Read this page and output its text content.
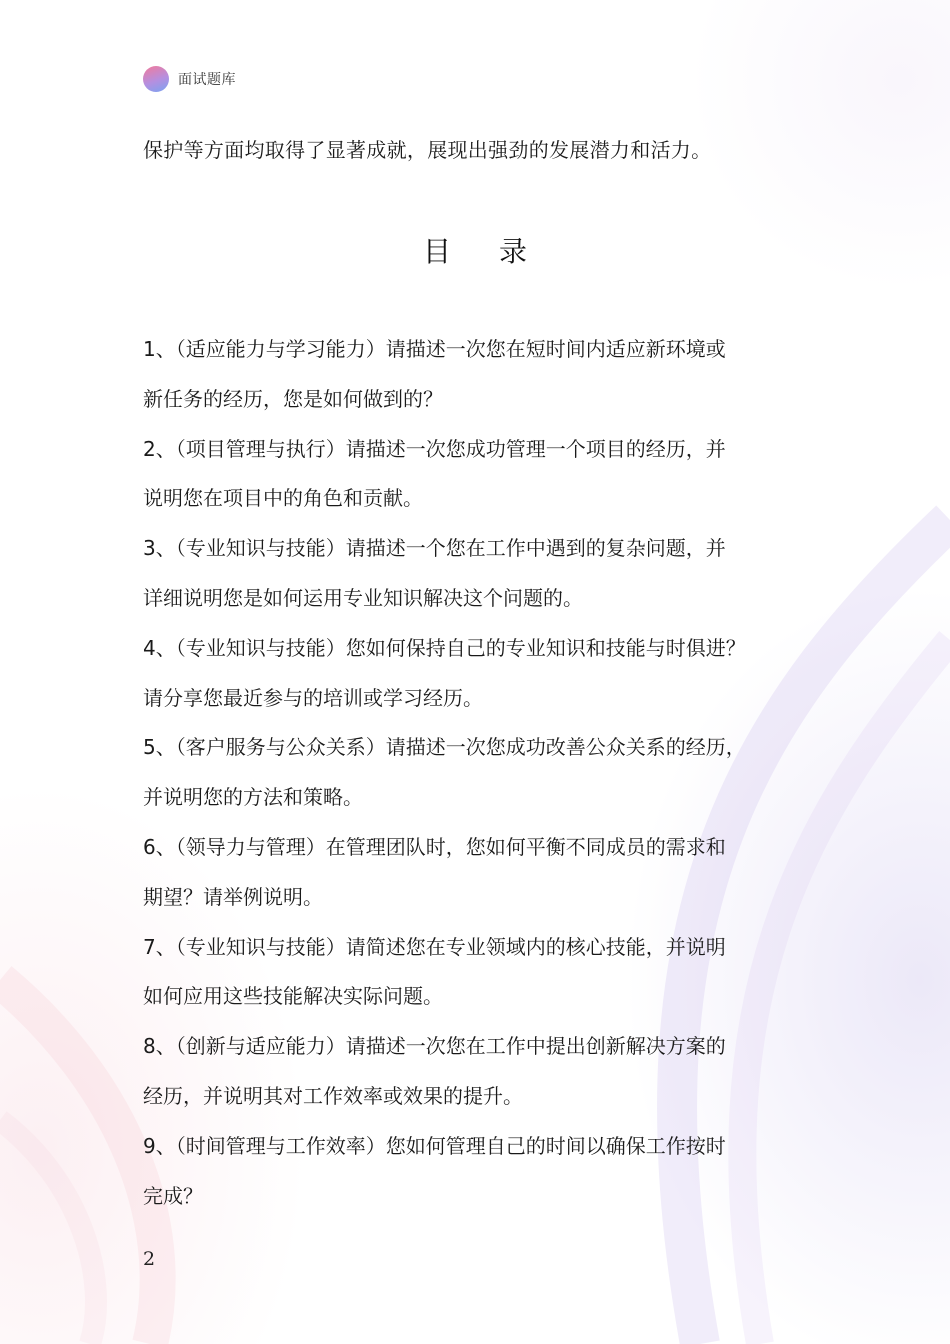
面试题库
保护等方面均取得了显著成就，展现出强劲的发展潜力和活力。
目 录
1、（适应能力与学习能力）请描述一次您在短时间内适应新环境或
新任务的经历，您是如何做到的？
2、（项目管理与执行）请描述一次您成功管理一个项目的经历，并
说明您在项目中的角色和贡献。
3、（专业知识与技能）请描述一个您在工作中遇到的复杂问题，并
详细说明您是如何运用专业知识解决这个问题的。
4、（专业知识与技能）您如何保持自己的专业知识和技能与时俱进？
请分享您最近参与的培训或学习经历。
5、（客户服务与公众关系）请描述一次您成功改善公众关系的经历，
并说明您的方法和策略。
6、（领导力与管理）在管理团队时，您如何平衡不同成员的需求和
期望？请举例说明。
7、（专业知识与技能）请简述您在专业领域内的核心技能，并说明
如何应用这些技能解决实际问题。
8、（创新与适应能力）请描述一次您在工作中提出创新解决方案的
经历，并说明其对工作效率或效果的提升。
9、（时间管理与工作效率）您如何管理自己的时间以确保工作按时
完成？
2
